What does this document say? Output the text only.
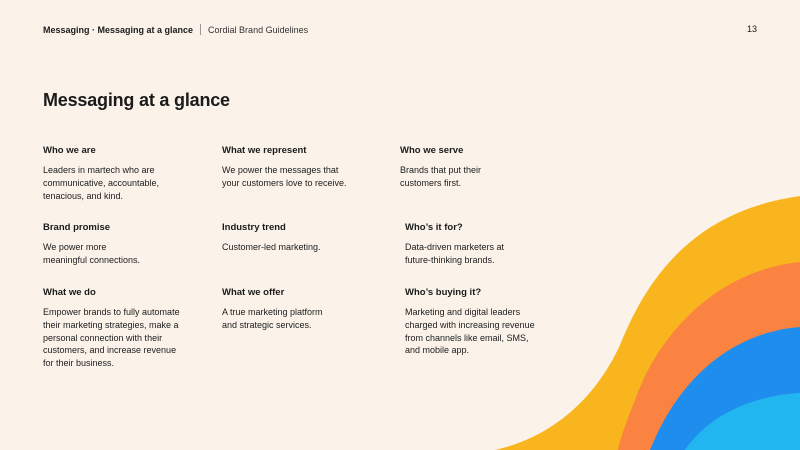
Messaging · Messaging at a glance Cordial Brand Guidelines	13
Messaging at a glance
Who we are

Leaders in martech who are
communicative, accountable,
tenacious, and kind.

What we represent

We power the messages that
your customers love to receive.

Who we serve

Brands that put their
customers first.

Brand promise

We power more
meaningful connections.

Industry trend

Customer-led marketing.

Who’s it for?

Data-driven marketers at
future-thinking brands.

What we do

Empower brands to fully automate
their marketing strategies, make a
personal connection with their
customers, and increase revenue
for their business.

What we offer

A true marketing platform
and strategic services.

Who’s buying it?

Marketing and digital leaders
charged with increasing revenue
from channels like email, SMS,
and mobile app.
